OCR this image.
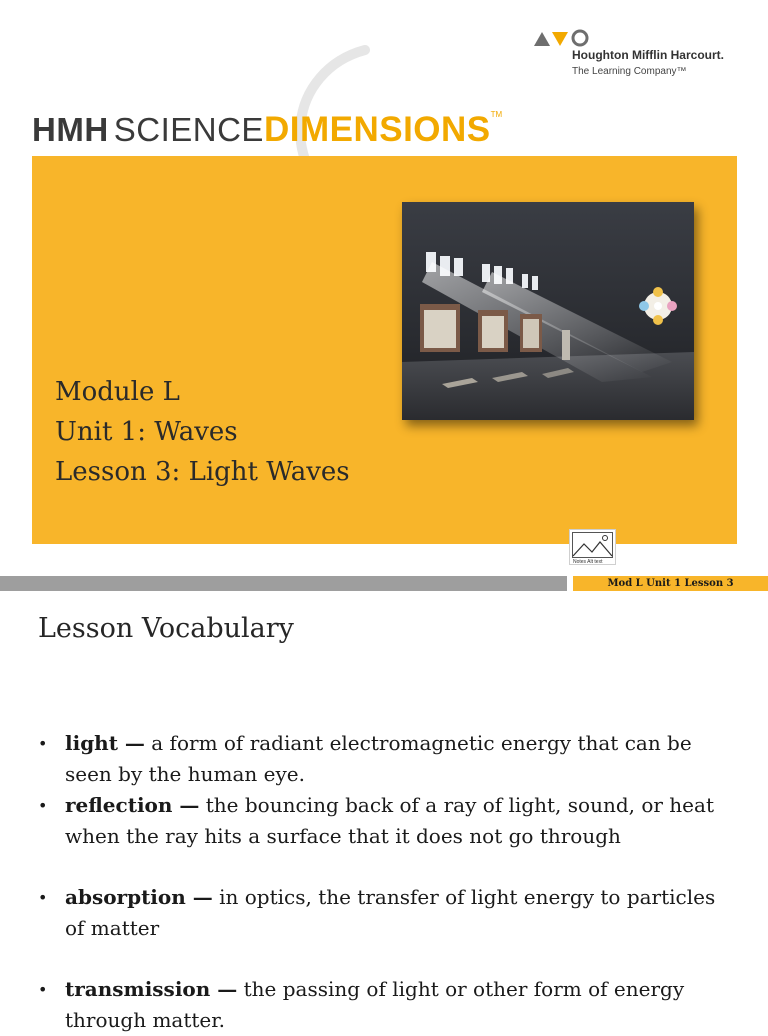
Houghton Mifflin Harcourt.
The Learning Company™
HMH SCIENCEDIMENSIONS™
Module L
Unit 1: Waves
Lesson 3: Light Waves
Notes Alt text
Mod L Unit 1 Lesson 3
Lesson Vocabulary
• light — a form of radiant electromagnetic energy that can be seen by the human eye.
• reflection — the bouncing back of a ray of light, sound, or heat when the ray hits a surface that it does not go through
• absorption — in optics, the transfer of light energy to particles of matter
• transmission — the passing of light or other form of energy through matter.
